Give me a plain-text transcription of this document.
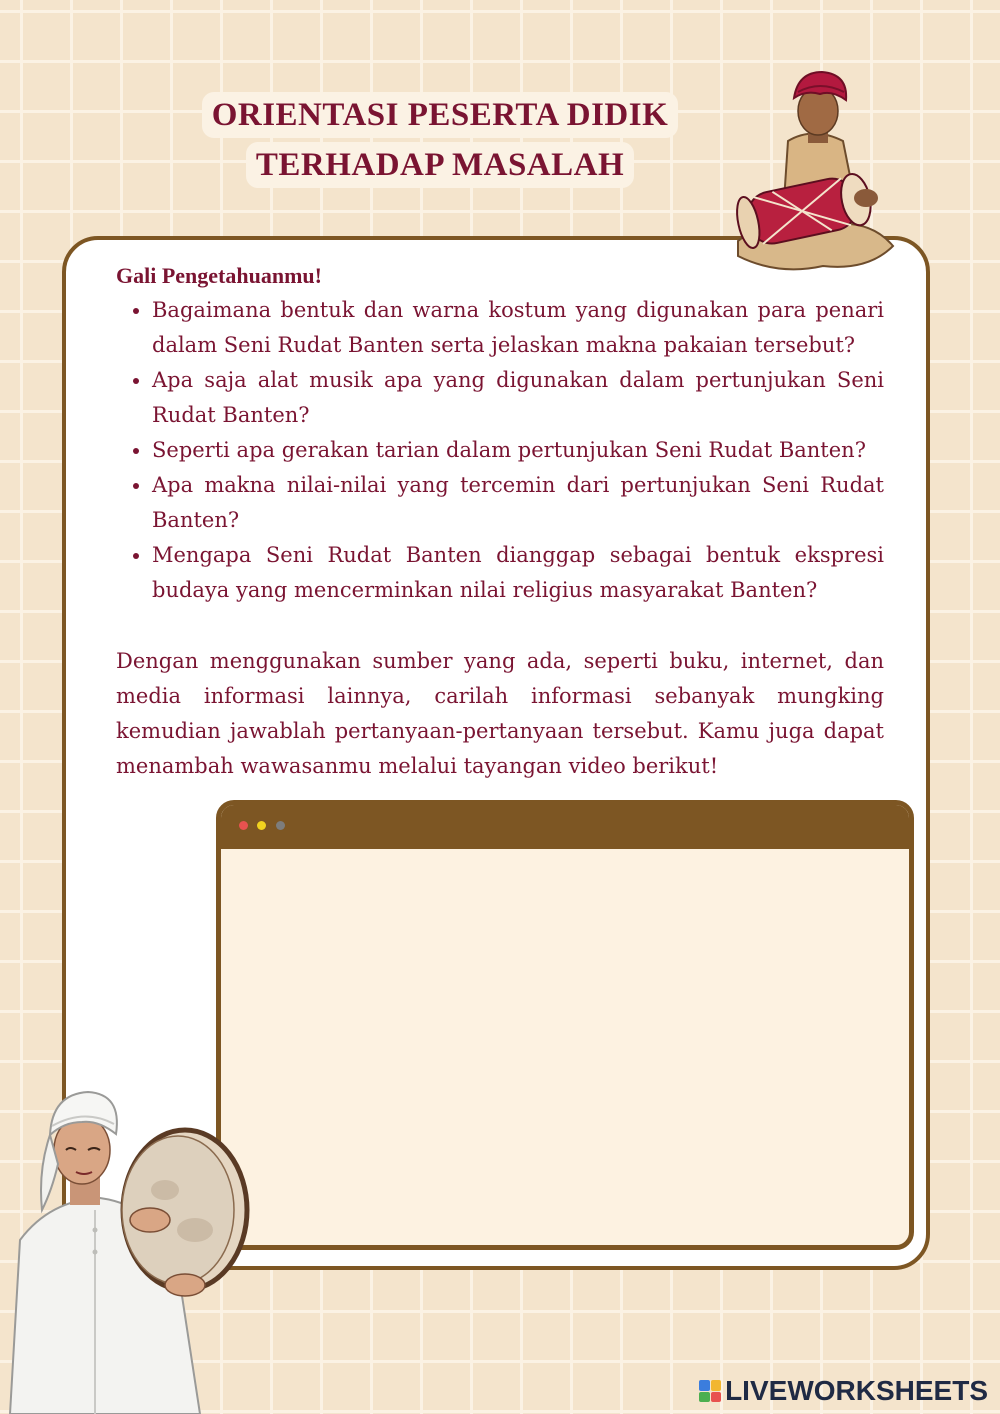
ORIENTASI PESERTA DIDIK
TERHADAP MASALAH
Gali Pengetahuanmu!
• Bagaimana bentuk dan warna kostum yang digunakan para penari dalam Seni Rudat Banten serta jelaskan makna pakaian tersebut?
• Apa saja alat musik apa yang digunakan dalam pertunjukan Seni Rudat Banten?
• Seperti apa gerakan tarian dalam pertunjukan Seni Rudat Banten?
• Apa makna nilai-nilai yang tercemin dari pertunjukan Seni Rudat Banten?
• Mengapa Seni Rudat Banten dianggap sebagai bentuk ekspresi budaya yang mencerminkan nilai religius masyarakat Banten?
Dengan menggunakan sumber yang ada, seperti buku, internet, dan media informasi lainnya, carilah informasi sebanyak mungking kemudian jawablah pertanyaan-pertanyaan tersebut. Kamu juga dapat menambah wawasanmu melalui tayangan video berikut!
LIVEWORKSHEETS
